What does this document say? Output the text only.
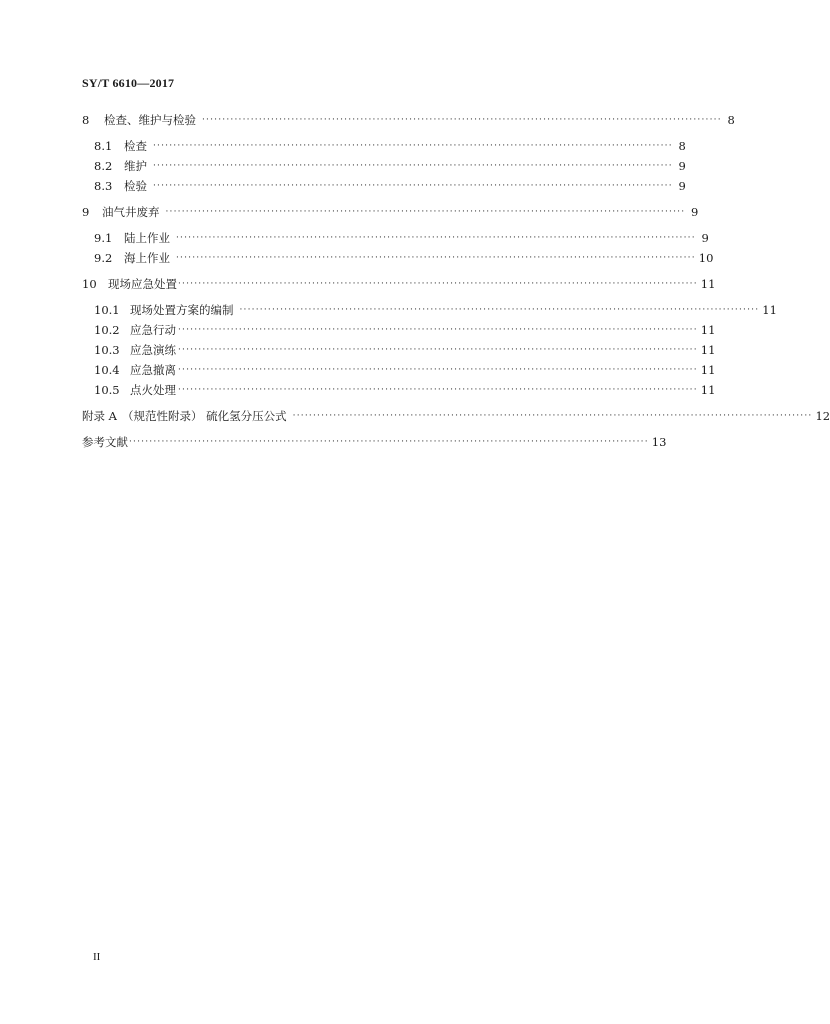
SY/T 6610—2017
8	检查、维护与检验 ································································································································ 8
8.1	检查 ································································································································ 8
8.2	维护 ································································································································ 9
8.3	检验 ································································································································ 9
9	油气井废弃 ································································································································ 9
9.1	陆上作业 ································································································································ 9
9.2	海上作业 ································································································································ 10
10 现场应急处置 ································································································································ 11
10.1 现场处置方案的编制 ································································································································ 11
10.2 应急行动 ································································································································ 11
10.3 应急演练 ································································································································ 11
10.4 应急撤离 ································································································································ 11
10.5 点火处理 ································································································································ 11
附录 A （规范性附录） 硫化氢分压公式 ································································································································ 12
参考文献 ································································································································ 13
II
